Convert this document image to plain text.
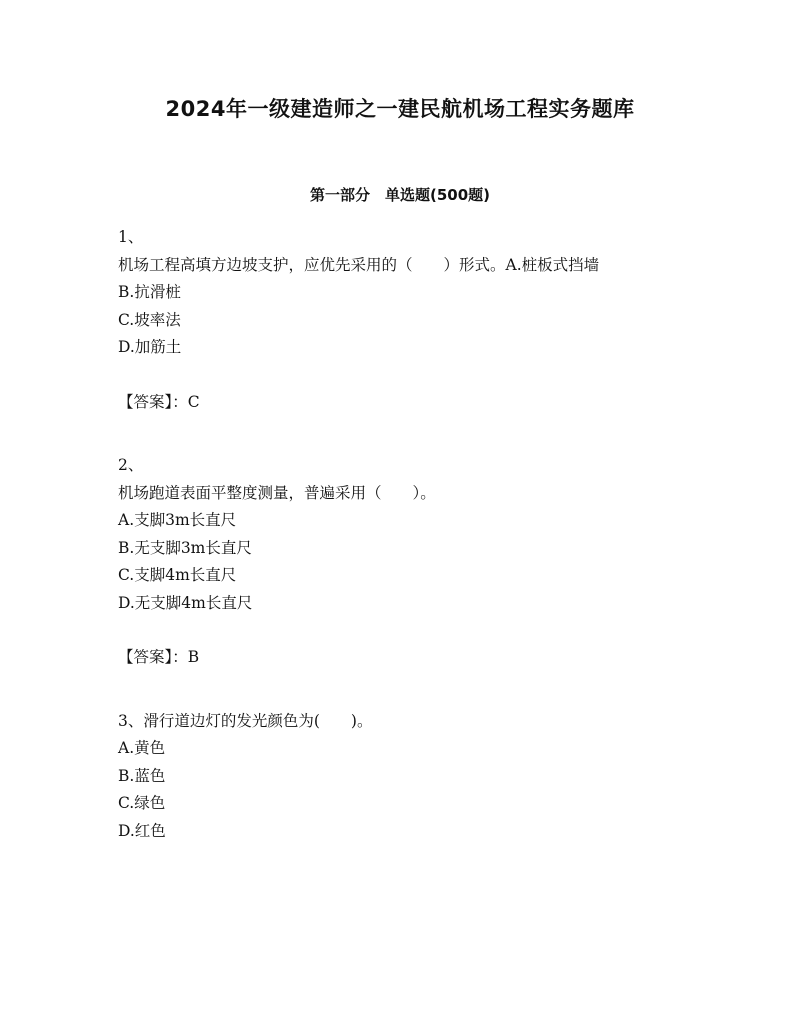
2024年一级建造师之一建民航机场工程实务题库
第一部分　单选题(500题)
1、
机场工程高填方边坡支护，应优先采用的（　　）形式。A.桩板式挡墙
B.抗滑桩
C.坡率法
D.加筋土
【答案】：C
2、
机场跑道表面平整度测量，普遍采用（　　）。
A.支脚3m长直尺
B.无支脚3m长直尺
C.支脚4m长直尺
D.无支脚4m长直尺
【答案】：B
3、滑行道边灯的发光颜色为(　　)。
A.黄色
B.蓝色
C.绿色
D.红色
